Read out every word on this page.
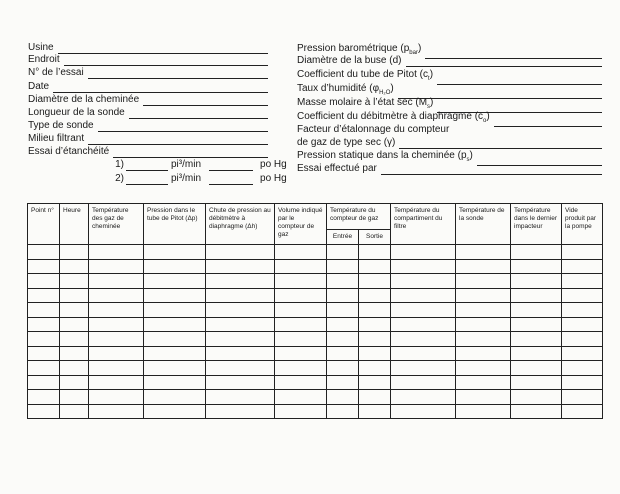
Usine
Endroit
N° de l’essai
Date
Diamètre de la cheminée
Longueur de la sonde
Type de sonde
Milieu filtrant
Essai d’étanchéité
1)	pi³/min	po Hg
2)	pi³/min	po Hg
Pression barométrique $(p_{bar})$
Diamètre de la buse (d)
Coefficient du tube de Pitot $(c_t)$
Taux d’humidité $(\varphi_{H_2O})$
Masse molaire à l’état $\sec (M_s)$
Coefficient du débitmètre à diaphragme $(c_o)$
Facteur d’étalonnage du compteur
de gaz de type sec (γ)
Pression statique dans la cheminée $(p_s)$
Essai effectué par
Point n°	Heure	Température des gaz de cheminée	Pression dans le tube de Pitot (Δp)	Chute de pression au débitmètre à diaphragme (Δh)	Volume indiqué par le compteur de gaz	Température du compteur de gaz		Température du compartiment du filtre	Température de la sonde	Température dans le dernier impacteur	Vide produit par la pompe
						Entrée	Sortie				
